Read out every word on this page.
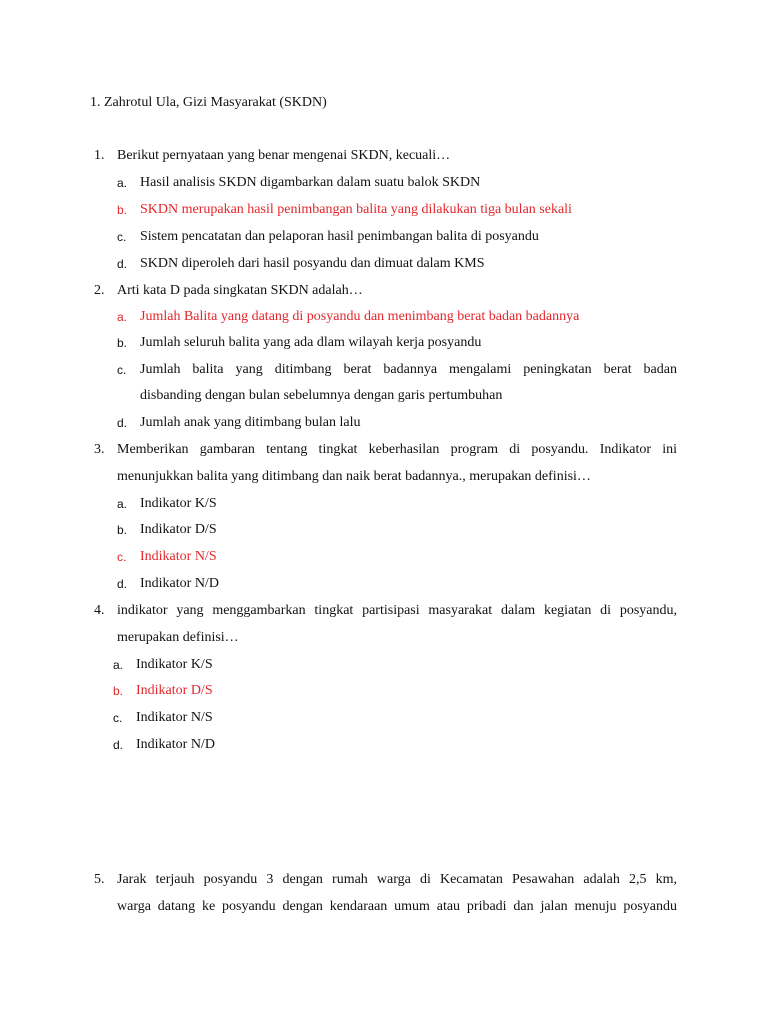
1. Zahrotul Ula, Gizi Masyarakat (SKDN)
1. Berikut pernyataan yang benar mengenai SKDN, kecuali…
a. Hasil analisis SKDN digambarkan dalam suatu balok SKDN
b. SKDN merupakan hasil penimbangan balita yang dilakukan tiga bulan sekali
c. Sistem pencatatan dan pelaporan hasil penimbangan balita di posyandu
d. SKDN diperoleh dari hasil posyandu dan dimuat dalam KMS
2. Arti kata D pada singkatan SKDN adalah…
a. Jumlah Balita yang datang di posyandu dan menimbang berat badan badannya
b. Jumlah seluruh balita yang ada dlam wilayah kerja posyandu
c. Jumlah balita yang ditimbang berat badannya mengalami peningkatan berat badan
disbanding dengan bulan sebelumnya dengan garis pertumbuhan
d. Jumlah anak yang ditimbang bulan lalu
3. Memberikan gambaran tentang tingkat keberhasilan program di posyandu. Indikator ini
menunjukkan balita yang ditimbang dan naik berat badannya., merupakan definisi…
a. Indikator K/S
b. Indikator D/S
c. Indikator N/S
d. Indikator N/D
4. indikator yang menggambarkan tingkat partisipasi masyarakat dalam kegiatan di posyandu,
merupakan definisi…
a. Indikator K/S
b. Indikator D/S
c. Indikator N/S
d. Indikator N/D
5. Jarak terjauh posyandu 3 dengan rumah warga di Kecamatan Pesawahan adalah 2,5 km,
warga datang ke posyandu dengan kendaraan umum atau pribadi dan jalan menuju posyandu
